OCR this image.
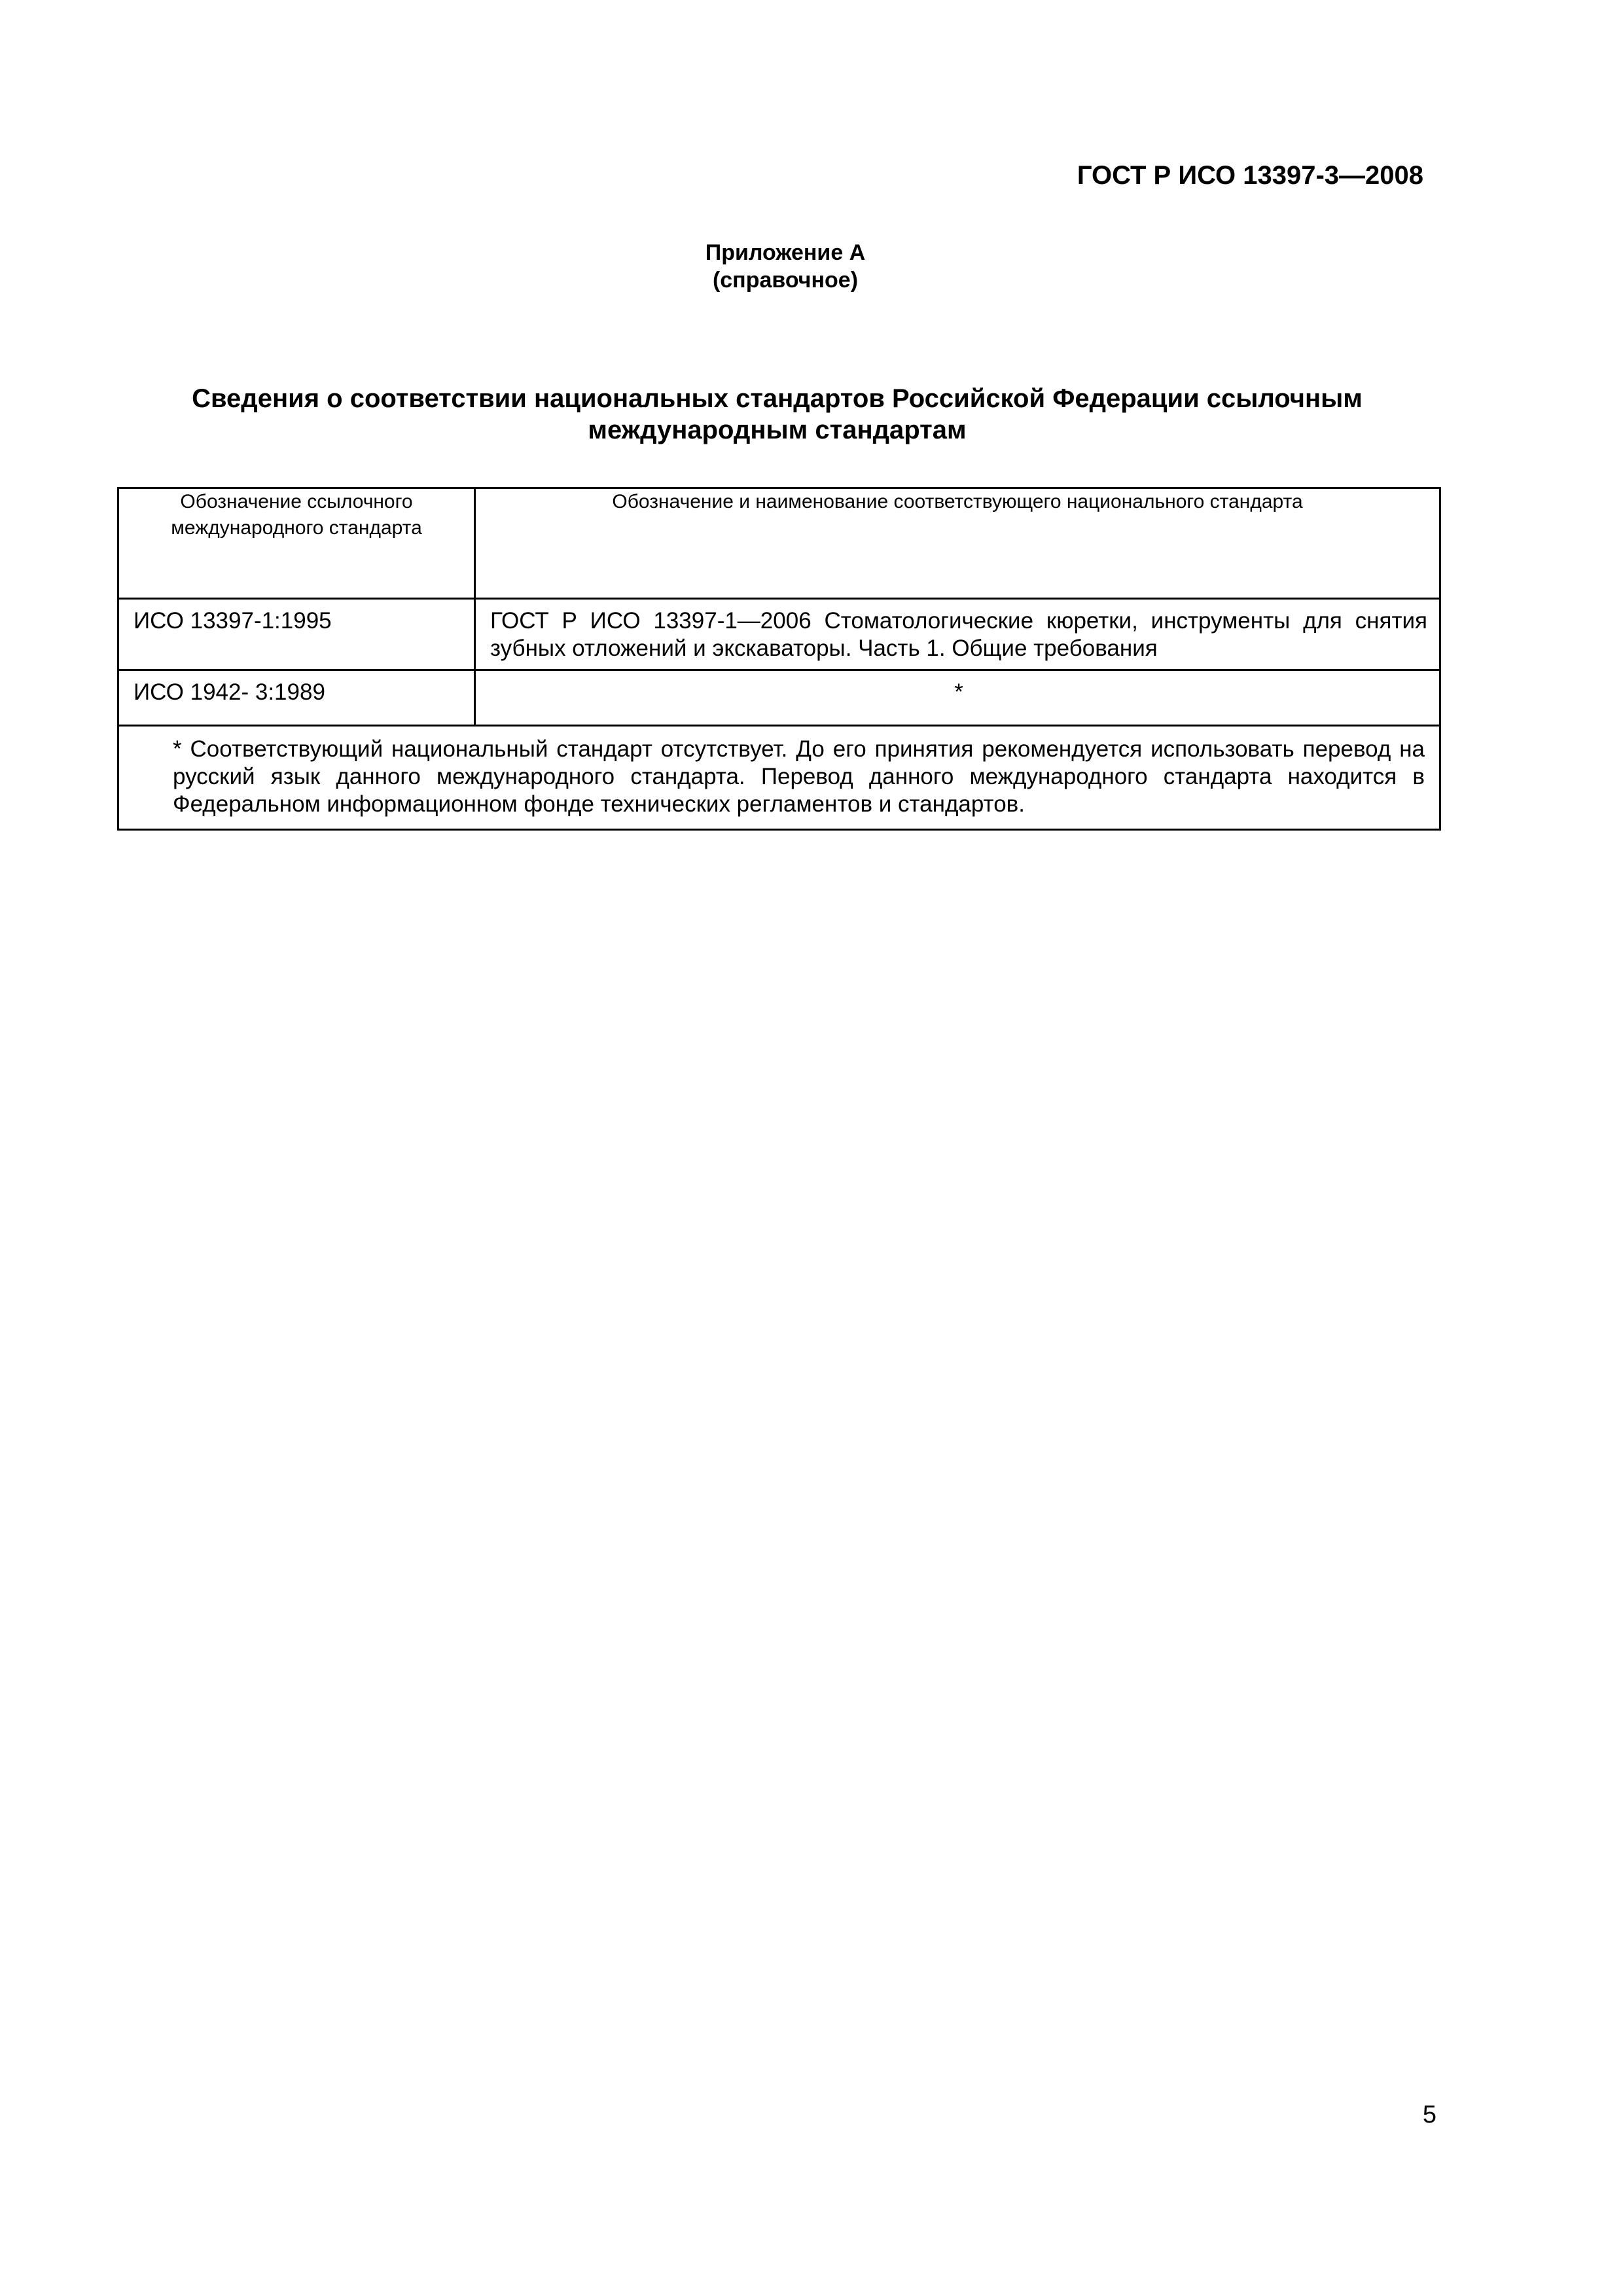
ГОСТ Р ИСО 13397-3—2008
Приложение А
(справочное)
Сведения о соответствии национальных стандартов Российской Федерации ссылочным
международным стандартам
Обозначение ссылочного международного стандарта	Обозначение и наименование соответствующего национального стандарта
ИСО 13397-1:1995	ГОСТ Р ИСО 13397-1—2006 Стоматологические кюретки, инструменты для снятия зубных отложений и экскаваторы. Часть 1. Общие требования
ИСО 1942- 3:1989	*

* Соответствующий национальный стандарт отсутствует. До его принятия рекомендуется использовать перевод на русский язык данного международного стандарта. Перевод данного международного стандарта находится в Федеральном информационном фонде технических регламентов и стандартов.	
5
